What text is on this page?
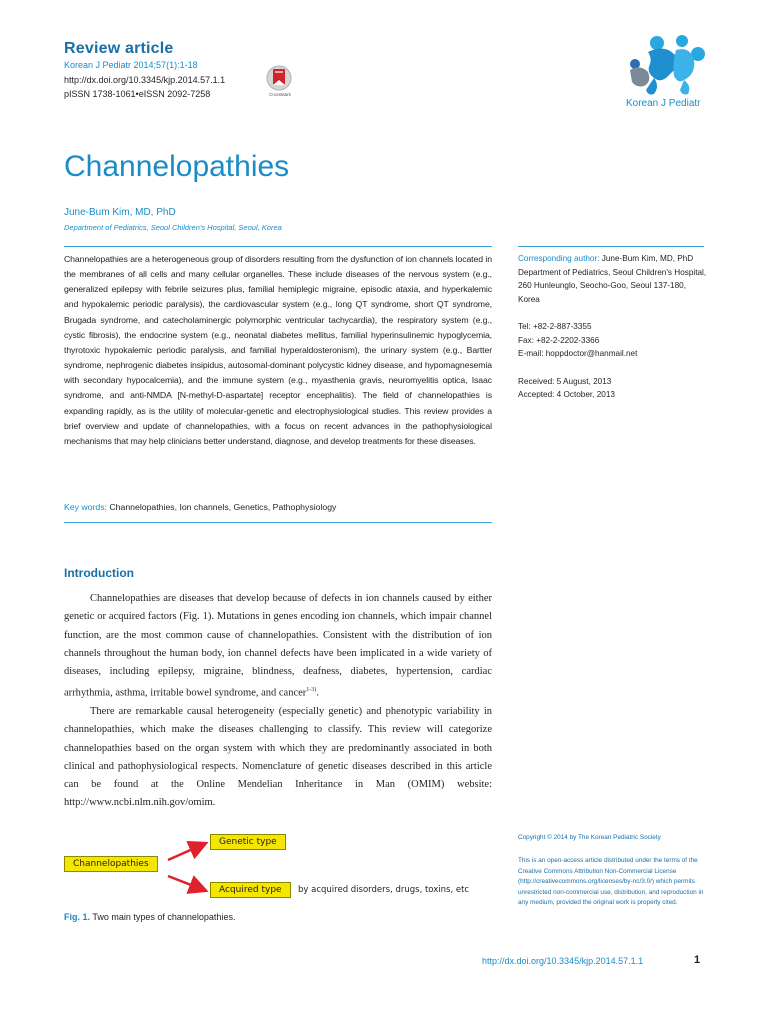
Review article
Korean J Pediatr 2014;57(1):1-18
http://dx.doi.org/10.3345/kjp.2014.57.1.1
pISSN 1738-1061•eISSN 2092-7258	CrossMark
Korean J Pediatr
Channelopathies
June-Bum Kim, MD, PhD
Department of Pediatrics, Seoul Children's Hospital, Seoul, Korea
Channelopathies are a heterogeneous group of disorders resulting from the dysfunction of ion channels located in the membranes of all cells and many cellular organelles. These include diseases of the nervous system (e.g., generalized epilepsy with febrile seizures plus, familial hemiplegic migraine, episodic ataxia, and hyperkalemic and hypokalemic periodic paralysis), the cardiovascular system (e.g., long QT syndrome, short QT syndrome, Brugada syndrome, and catecholaminergic polymorphic ventricular tachycardia), the respiratory system (e.g., cystic fibrosis), the endocrine system (e.g., neonatal diabetes mellitus, familial hyperinsulinemic hypoglycemia, thyrotoxic hypokalemic periodic paralysis, and familial hyperaldosteronism), the urinary system (e.g., Bartter syndrome, nephrogenic diabetes insipidus, autosomal-dominant polycystic kidney disease, and hypomagnesemia with secondary hypocalcemia), and the immune system (e.g., myasthenia gravis, neuromyelitis optica, Isaac syndrome, and anti-NMDA [N-methyl-D-aspartate] receptor encephalitis). The field of channelopathies is expanding rapidly, as is the utility of molecular-genetic and electrophysiological studies. This review provides a brief overview and update of channelopathies, with a focus on recent advances in the pathophysiological mechanisms that may help clinicians better understand, diagnose, and develop treatments for these diseases.
Key words: Channelopathies, Ion channels, Genetics, Pathophysiology
Corresponding author: June-Bum Kim, MD, PhD
Department of Pediatrics, Seoul Children's Hospital,
260 Hunleunglo, Seocho-Goo, Seoul 137-180, Korea
Tel: +82-2-887-3355
Fax: +82-2-2202-3366
E-mail: hoppdoctor@hanmail.net
Received: 5 August, 2013
Accepted: 4 October, 2013
Introduction

Channelopathies are diseases that develop because of defects in ion channels caused by either genetic or acquired factors (Fig. 1). Mutations in genes encoding ion channels, which impair channel function, are the most common cause of channelopathies. Consistent with the distribution of ion channels throughout the human body, ion channel defects have been implicated in a wide variety of diseases, including epilepsy, migraine, blindness, deafness, diabetes, hypertension, cardiac arrhythmia, asthma, irritable bowel syndrome, and cancer$^{1-3)}$.

There are remarkable causal heterogeneity (especially genetic) and phenotypic variability in channelopathies, which make the diseases challenging to classify. This review will categorize channelopathies based on the organ system with which they are predominantly associated in both clinical and pathophysiological respects. Nomenclature of genetic diseases described in this article can be found at the Online Mendelian Inheritance in Man (OMIM) website: http://www.ncbi.nlm.nih.gov/omim.

Channelopathies
Genetic type
Acquired type	by acquired disorders, drugs, toxins, etc
Fig. 1. Two main types of channelopathies.
Copyright © 2014 by The Korean Pediatric Society
This is an open-access article distributed under the terms of the Creative Commons Attribution Non-Commercial License (http://creativecommons.org/licenses/by-nc/3.0/) which permits unrestricted non-commercial use, distribution, and reproduction in any medium, provided the original work is properly cited.
http://dx.doi.org/10.3345/kjp.2014.57.1.1	1
